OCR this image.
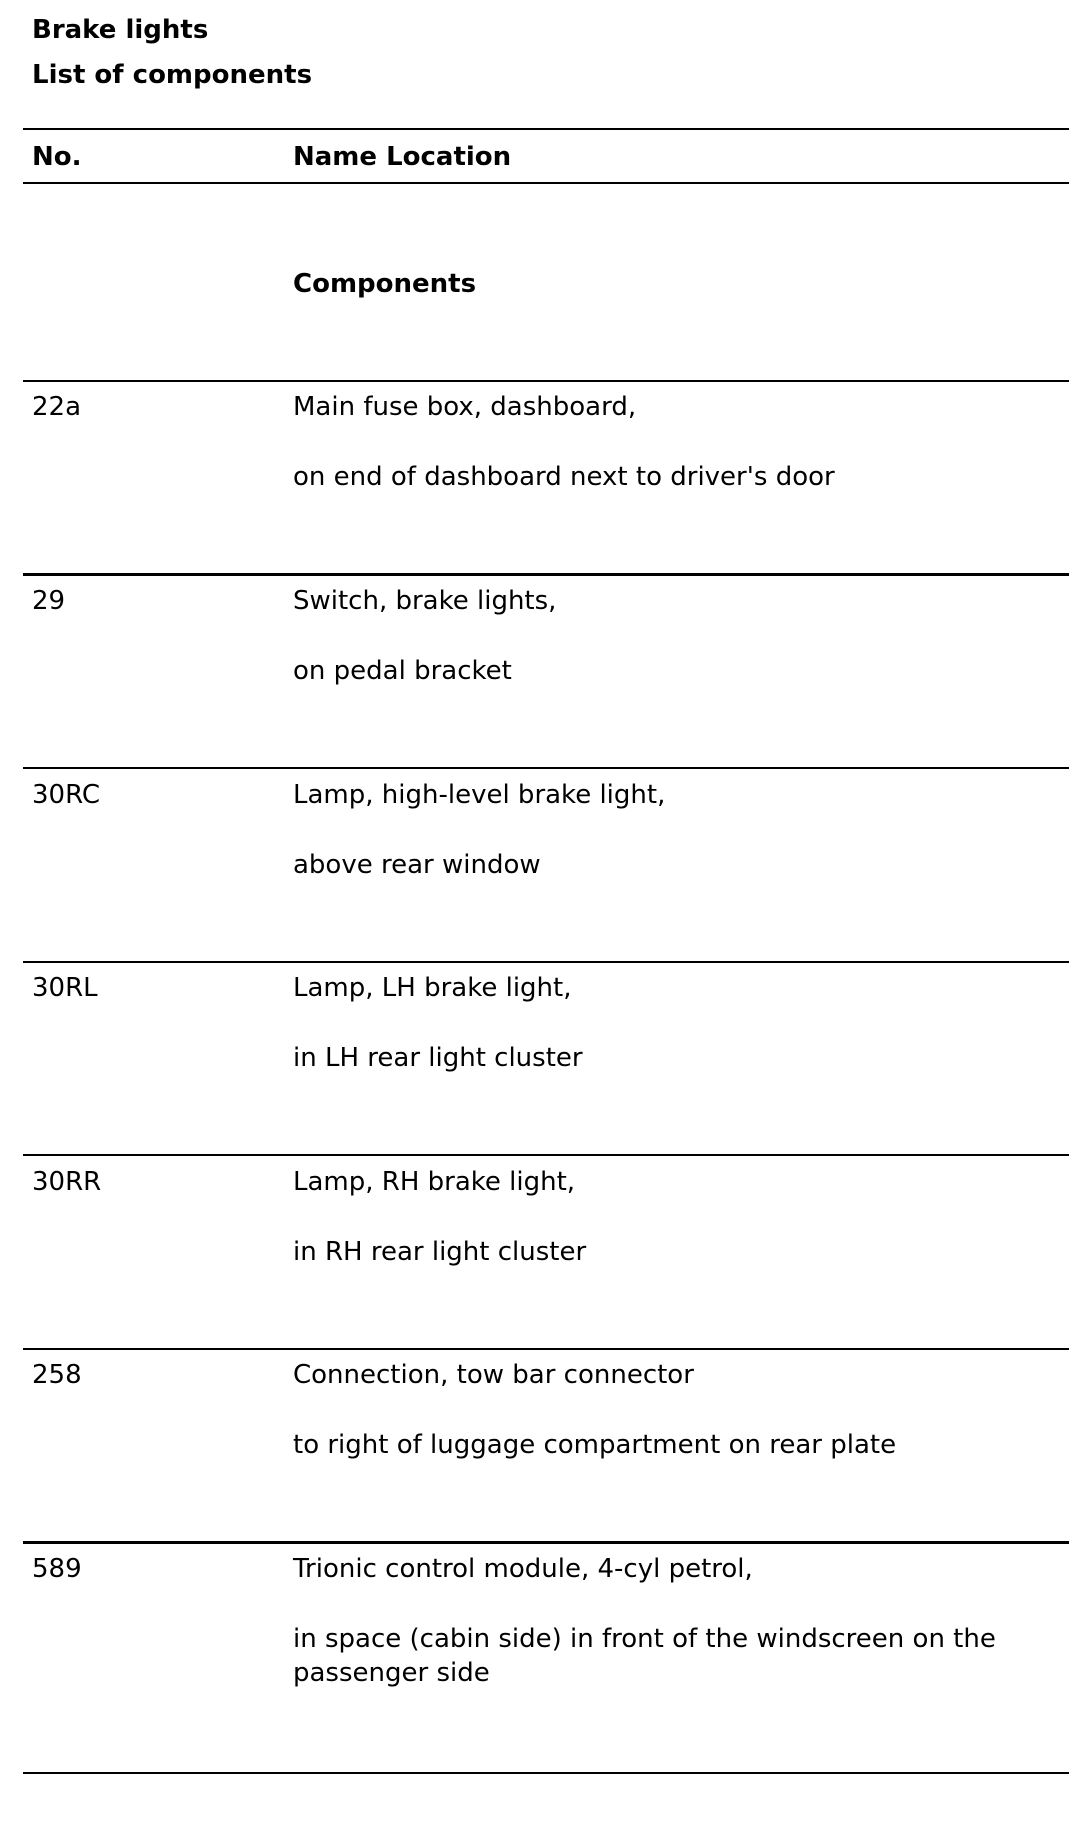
Brake lights
List of components
No.	Name Location
Components
22a	Main fuse box, dashboard,
on end of dashboard next to driver's door
29	Switch, brake lights,
on pedal bracket
30RC	Lamp, high-level brake light,
above rear window
30RL	Lamp, LH brake light,
in LH rear light cluster
30RR	Lamp, RH brake light,
in RH rear light cluster
258	Connection, tow bar connector
to right of luggage compartment on rear plate
589	Trionic control module, 4-cyl petrol,
in space (cabin side) in front of the windscreen on the passenger side
